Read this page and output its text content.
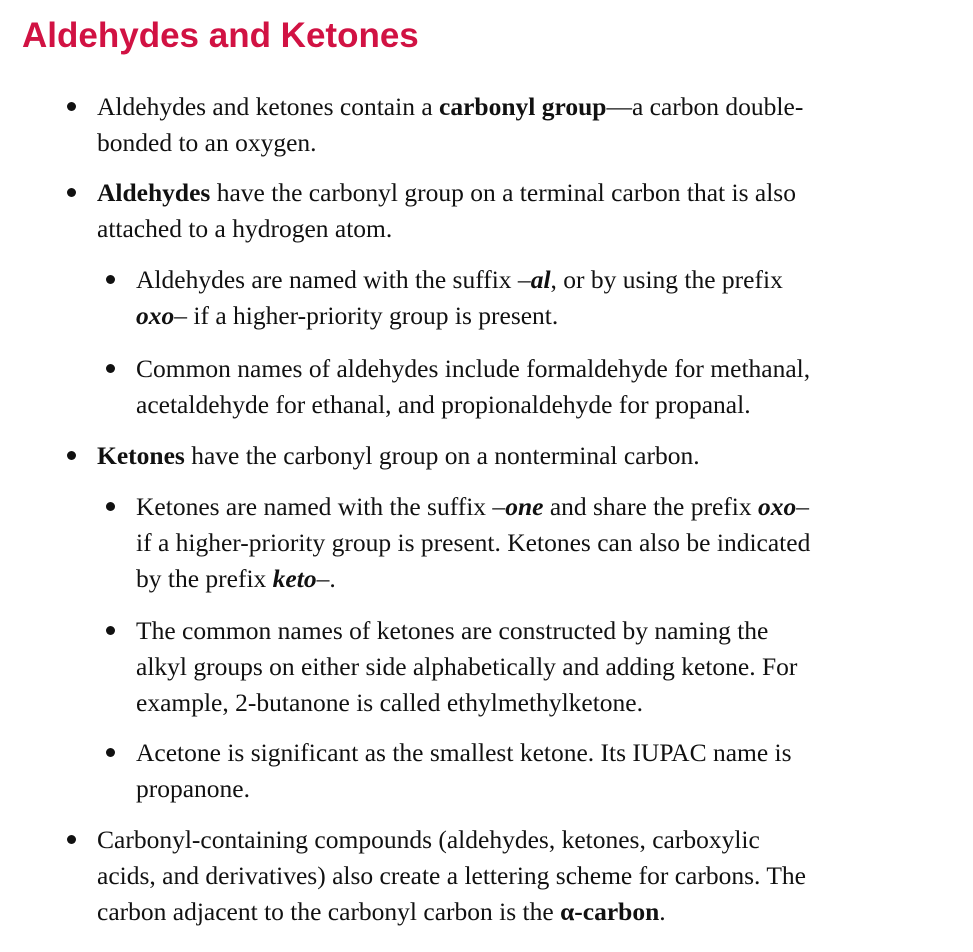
Aldehydes and Ketones
Aldehydes and ketones contain a carbonyl group—a carbon double-
bonded to an oxygen.
Aldehydes have the carbonyl group on a terminal carbon that is also
attached to a hydrogen atom.
Aldehydes are named with the suffix –al, or by using the prefix
oxo– if a higher-priority group is present.
Common names of aldehydes include formaldehyde for methanal,
acetaldehyde for ethanal, and propionaldehyde for propanal.
Ketones have the carbonyl group on a nonterminal carbon.
Ketones are named with the suffix –one and share the prefix oxo–
if a higher-priority group is present. Ketones can also be indicated
by the prefix keto–.
The common names of ketones are constructed by naming the
alkyl groups on either side alphabetically and adding ketone. For
example, 2-butanone is called ethylmethylketone.
Acetone is significant as the smallest ketone. Its IUPAC name is
propanone.
Carbonyl-containing compounds (aldehydes, ketones, carboxylic
acids, and derivatives) also create a lettering scheme for carbons. The
carbon adjacent to the carbonyl carbon is the α-carbon.
